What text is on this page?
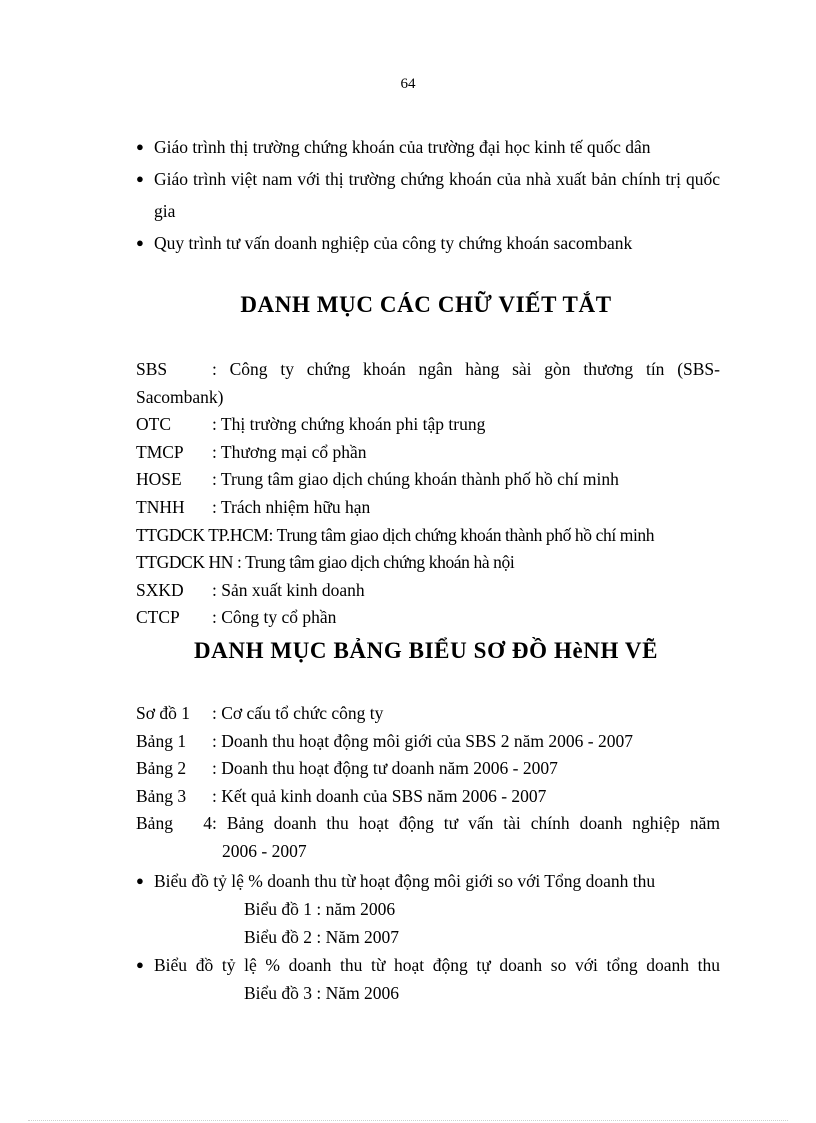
64
● Giáo trình thị trường chứng khoán của trường đại học kinh tế quốc dân
● Giáo trình việt nam với thị trường chứng khoán của nhà xuất bản chính trị quốc gia
● Quy trình tư vấn doanh nghiệp của công ty chứng khoán sacombank
DANH MỤC CÁC CHỮ VIẾT TẮT
SBS	: Công ty chứng khoán ngân hàng sài gòn thương tín (SBS-
Sacombank)
OTC : Thị trường chứng khoán phi tập trung
TMCP : Thương mại cổ phần
HOSE : Trung tâm giao dịch chúng khoán thành phố hồ chí minh
TNHH : Trách nhiệm hữu hạn
TTGDCK TP.HCM: Trung tâm giao dịch chứng khoán thành phố hồ chí minh
TTGDCK HN : Trung tâm giao dịch chứng khoán hà nội
SXKD : Sản xuất kinh doanh
CTCP : Công ty cổ phần
DANH MỤC BẢNG BIỂU SƠ ĐỒ HèNH VẼ
Sơ đồ 1 : Cơ cấu tổ chức công ty
Bảng 1 : Doanh thu hoạt động môi giới của SBS 2 năm 2006 - 2007
Bảng 2 : Doanh thu hoạt động tư doanh năm 2006 - 2007
Bảng 3 : Kết quả kinh doanh của SBS năm 2006 - 2007
Bảng 4: Bảng doanh thu hoạt động tư vấn tài chính doanh nghiệp năm
2006 - 2007
● Biểu đồ tỷ lệ % doanh thu từ hoạt động môi giới so với Tổng doanh thu
Biểu đồ 1 : năm 2006
Biểu đồ 2 : Năm 2007
● Biểu đồ tỷ lệ % doanh thu từ hoạt động tự doanh so với tổng doanh thu
Biểu đồ 3 : Năm 2006
